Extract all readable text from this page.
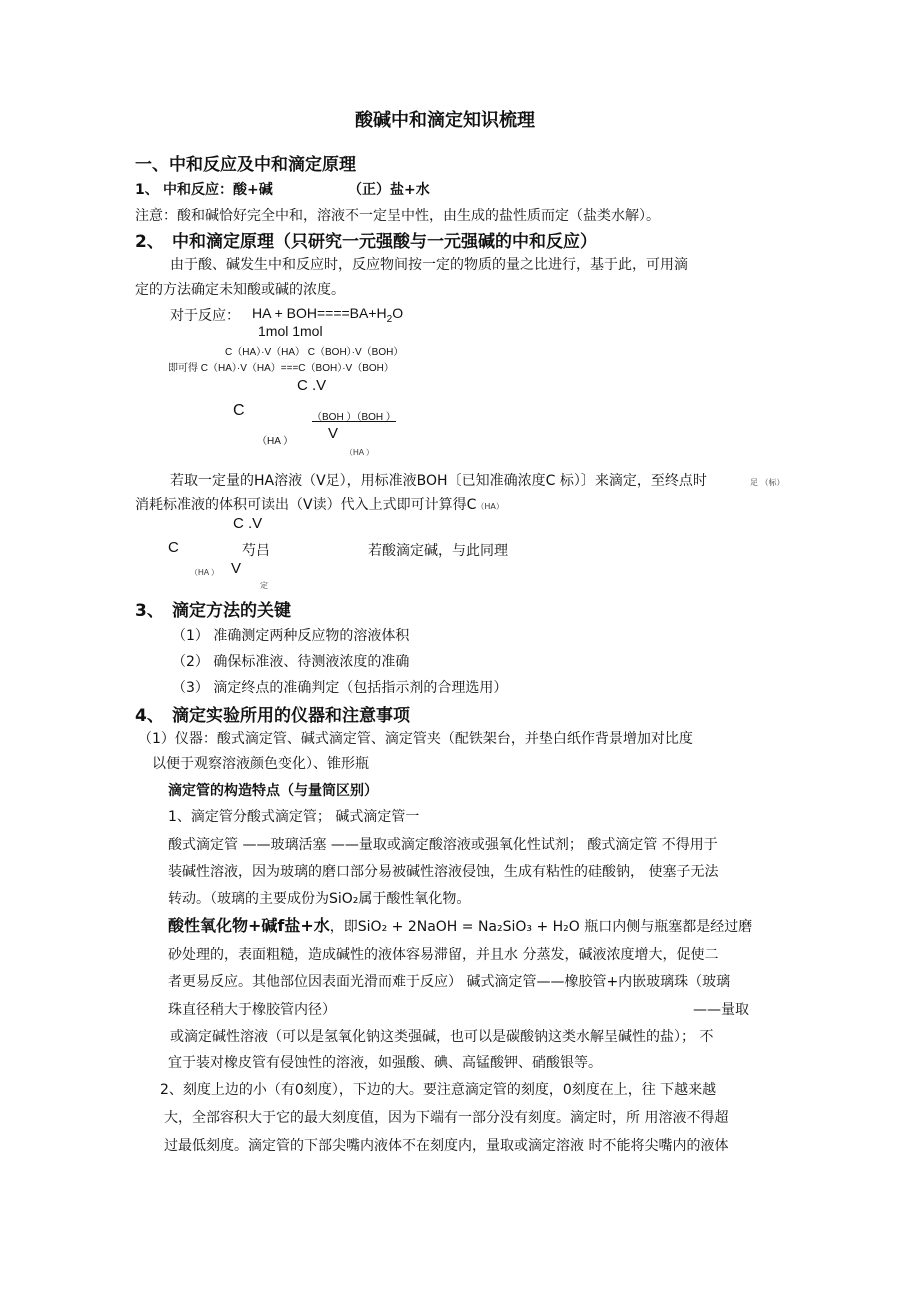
酸碱中和滴定知识梳理
一、中和反应及中和滴定原理
1、 中和反应：酸+碱	（正）盐+水
注意：酸和碱恰好完全中和，溶液不一定呈中性，由生成的盐性质而定（盐类水解）。
2、 中和滴定原理（只研究一元强酸与一元强碱的中和反应）
由于酸、碱发生中和反应时，反应物间按一定的物质的量之比进行，基于此，可用滴
定的方法确定未知酸或碱的浓度。
对于反应： HA + $BOH====BA+H_2O$
1mol 1mol
C（HA）·V（HA） C（BOH）·V（BOH）
即可得 C（HA）·V（HA）===C（BOH）·V（BOH）
C .V
C	（BOH ）（BOH ）
（HA ） V
（HA ）
若取一定量的HA溶液（V足），用标准液BOH〔已知准确浓度C 标）〕来滴定，至终点时	足 （标）
消耗标准液的体积可读出（V读）代入上式即可计算得C（HA）
C .V
C	芍吕	若酸滴定碱，与此同理
（HA ） V
定
3、 滴定方法的关键
（1） 准确测定两种反应物的溶液体积
（2） 确保标准液、待测液浓度的准确
（3） 滴定终点的准确判定（包括指示剂的合理选用）
4、 滴定实验所用的仪器和注意事项
（1）仪器：酸式滴定管、碱式滴定管、滴定管夹（配铁架台，并垫白纸作背景增加对比度
以便于观察溶液颜色变化）、锥形瓶
滴定管的构造特点（与量筒区别）
1、滴定管分酸式滴定管； 碱式滴定管一
酸式滴定管 ——玻璃活塞 ——量取或滴定酸溶液或强氧化性试剂； 酸式滴定管 不得用于
装碱性溶液，因为玻璃的磨口部分易被碱性溶液侵蚀，生成有粘性的硅酸钠， 使塞子无法
转动。（玻璃的主要成份为SiO₂属于酸性氧化物。
酸性氧化物+碱f盐+水，即SiO₂ + 2NaOH = Na₂SiO₃ + H₂O 瓶口内侧与瓶塞都是经过磨
砂处理的，表面粗糙，造成碱性的液体容易滞留，并且水 分蒸发，碱液浓度增大，促使二
者更易反应。其他部位因表面光滑而难于反应） 碱式滴定管——橡胶管+内嵌玻璃珠（玻璃
珠直径稍大于橡胶管内径）	——量取
或滴定碱性溶液（可以是氢氧化钠这类强碱，也可以是碳酸钠这类水解呈碱性的盐）； 不
宜于装对橡皮管有侵蚀性的溶液，如强酸、碘、高锰酸钾、硝酸银等。
2、刻度上边的小（有0刻度），下边的大。要注意滴定管的刻度，0刻度在上，往 下越来越
大，全部容积大于它的最大刻度值，因为下端有一部分没有刻度。滴定时，所 用溶液不得超
过最低刻度。滴定管的下部尖嘴内液体不在刻度内，量取或滴定溶液 时不能将尖嘴内的液体
